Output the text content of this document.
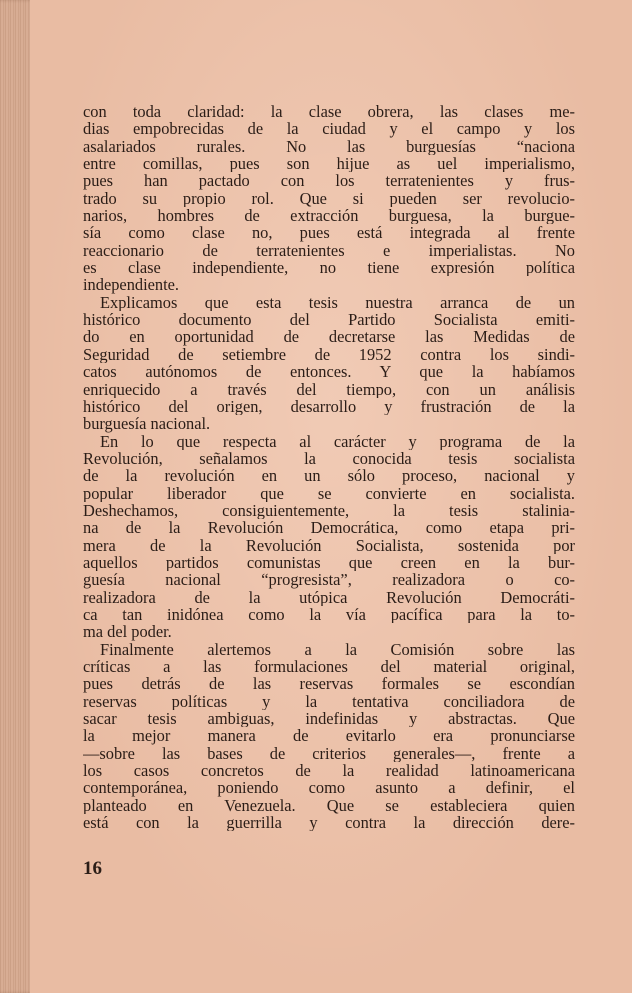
con toda claridad: la clase obrera, las clases me-
dias empobrecidas de la ciudad y el campo y los
asalariados rurales. No las burguesías “naciona
entre comillas, pues son hijue as uel imperialismo,
pues han pactado con los terratenientes y frus-
trado su propio rol. Que si pueden ser revolucio-
narios, hombres de extracción burguesa, la burgue-
sía como clase no, pues está integrada al frente
reaccionario de terratenientes e imperialistas. No
es clase independiente, no tiene expresión política
independiente.
Explicamos que esta tesis nuestra arranca de un
histórico documento del Partido Socialista emiti-
do en oportunidad de decretarse las Medidas de
Seguridad de setiembre de 1952 contra los sindi-
catos autónomos de entonces. Y que la habíamos
enriquecido a través del tiempo, con un análisis
histórico del origen, desarrollo y frustración de la
burguesía nacional.
En lo que respecta al carácter y programa de la
Revolución, señalamos la conocida tesis socialista
de la revolución en un sólo proceso, nacional y
popular liberador que se convierte en socialista.
Deshechamos, consiguientemente, la tesis stalinia-
na de la Revolución Democrática, como etapa pri-
mera de la Revolución Socialista, sostenida por
aquellos partidos comunistas que creen en la bur-
guesía nacional “progresista”, realizadora o co-
realizadora de la utópica Revolución Democráti-
ca tan inidónea como la vía pacífica para la to-
ma del poder.
Finalmente alertemos a la Comisión sobre las
críticas a las formulaciones del material original,
pues detrás de las reservas formales se escondían
reservas políticas y la tentativa conciliadora de
sacar tesis ambiguas, indefinidas y abstractas. Que
la mejor manera de evitarlo era pronunciarse
—sobre las bases de criterios generales—, frente a
los casos concretos de la realidad latinoamericana
contemporánea, poniendo como asunto a definir, el
planteado en Venezuela. Que se estableciera quien
está con la guerrilla y contra la dirección dere-
16
